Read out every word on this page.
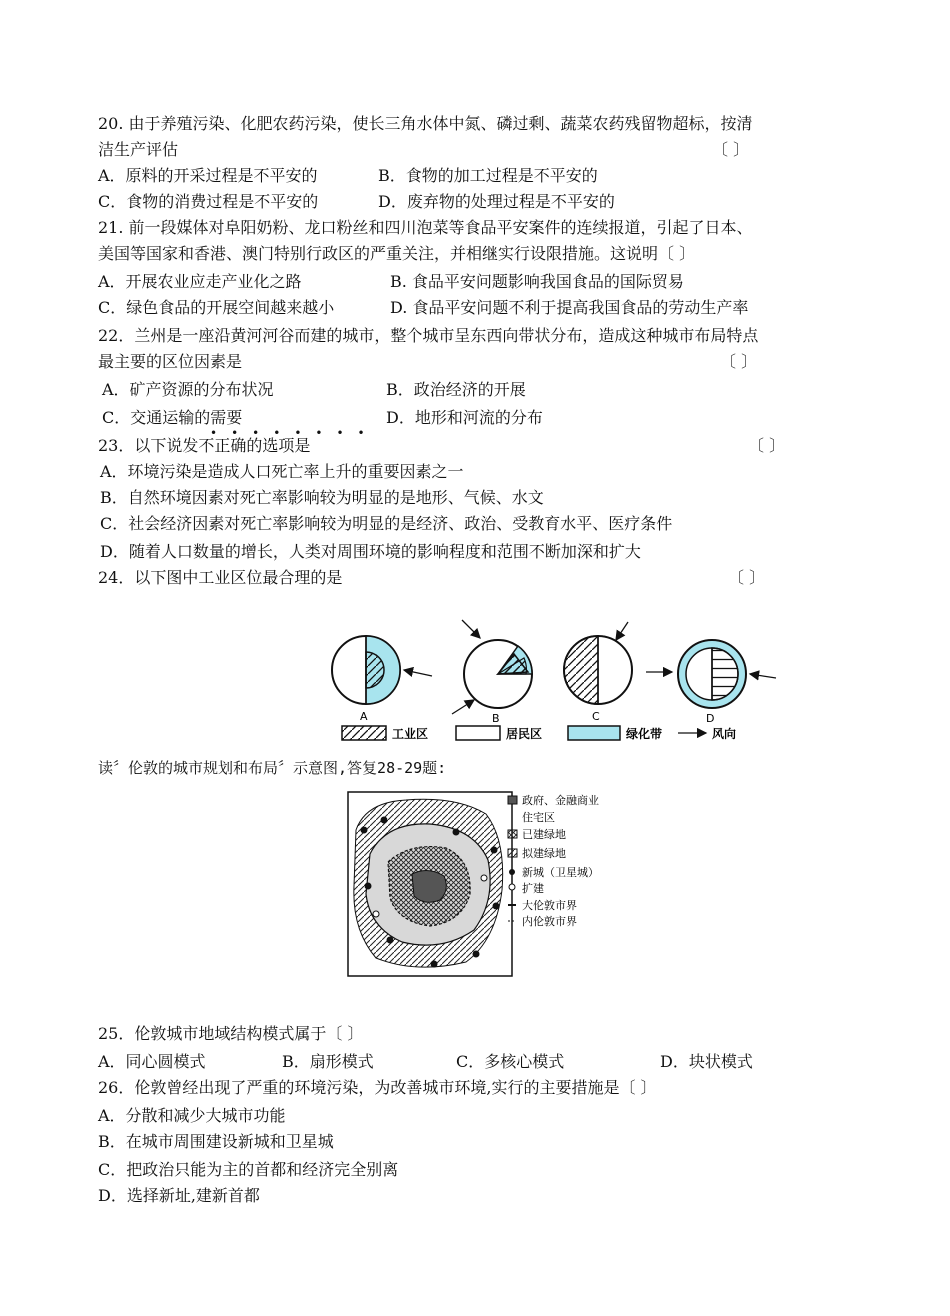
20. 由于养殖污染、化肥农药污染，使长三角水体中氮、磷过剩、蔬菜农药残留物超标，按清
洁生产评估	〔 〕
A．原料的开采过程是不平安的	B．食物的加工过程是不平安的
C．食物的消费过程是不平安的	D．废弃物的处理过程是不平安的
21. 前一段媒体对阜阳奶粉、龙口粉丝和四川泡菜等食品平安案件的连续报道，引起了日本、
美国等国家和香港、澳门特别行政区的严重关注，并相继实行设限措施。这说明〔 〕
A．开展农业应走产业化之路	B. 食品平安问题影响我国食品的国际贸易
C．绿色食品的开展空间越来越小	D. 食品平安问题不利于提高我国食品的劳动生产率
22．兰州是一座沿黄河河谷而建的城市，整个城市呈东西向带状分布，造成这种城市布局特点
最主要的区位因素是	〔 〕
A．矿产资源的分布状况	B．政治经济的开展
C．交通运输的需要	D．地形和河流的分布
••••••••
23．以下说发不正确的选项是	〔 〕
A．环境污染是造成人口死亡率上升的重要因素之一
B．自然环境因素对死亡率影响较为明显的是地形、气候、水文
C．社会经济因素对死亡率影响较为明显的是经济、政治、受教育水平、医疗条件
D．随着人口数量的增长，人类对周围环境的影响程度和范围不断加深和扩大
24．以下图中工业区位最合理的是	〔 〕
A	B	C	D
工业区	居民区	绿化带	风向
读〞伦敦的城市规划和布局〞示意图,答复28-29题:
政府、金融商业
住宅区
已建绿地
拟建绿地
新城（卫星城）
扩建
大伦敦市界
内伦敦市界
25．伦敦城市地域结构模式属于〔 〕
A．同心圆模式	B．扇形模式	C．多核心模式	D．块状模式
26．伦敦曾经出现了严重的环境污染，为改善城市环境,实行的主要措施是〔 〕
A．分散和减少大城市功能
B．在城市周围建设新城和卫星城
C．把政治只能为主的首都和经济完全别离
D．选择新址,建新首都
